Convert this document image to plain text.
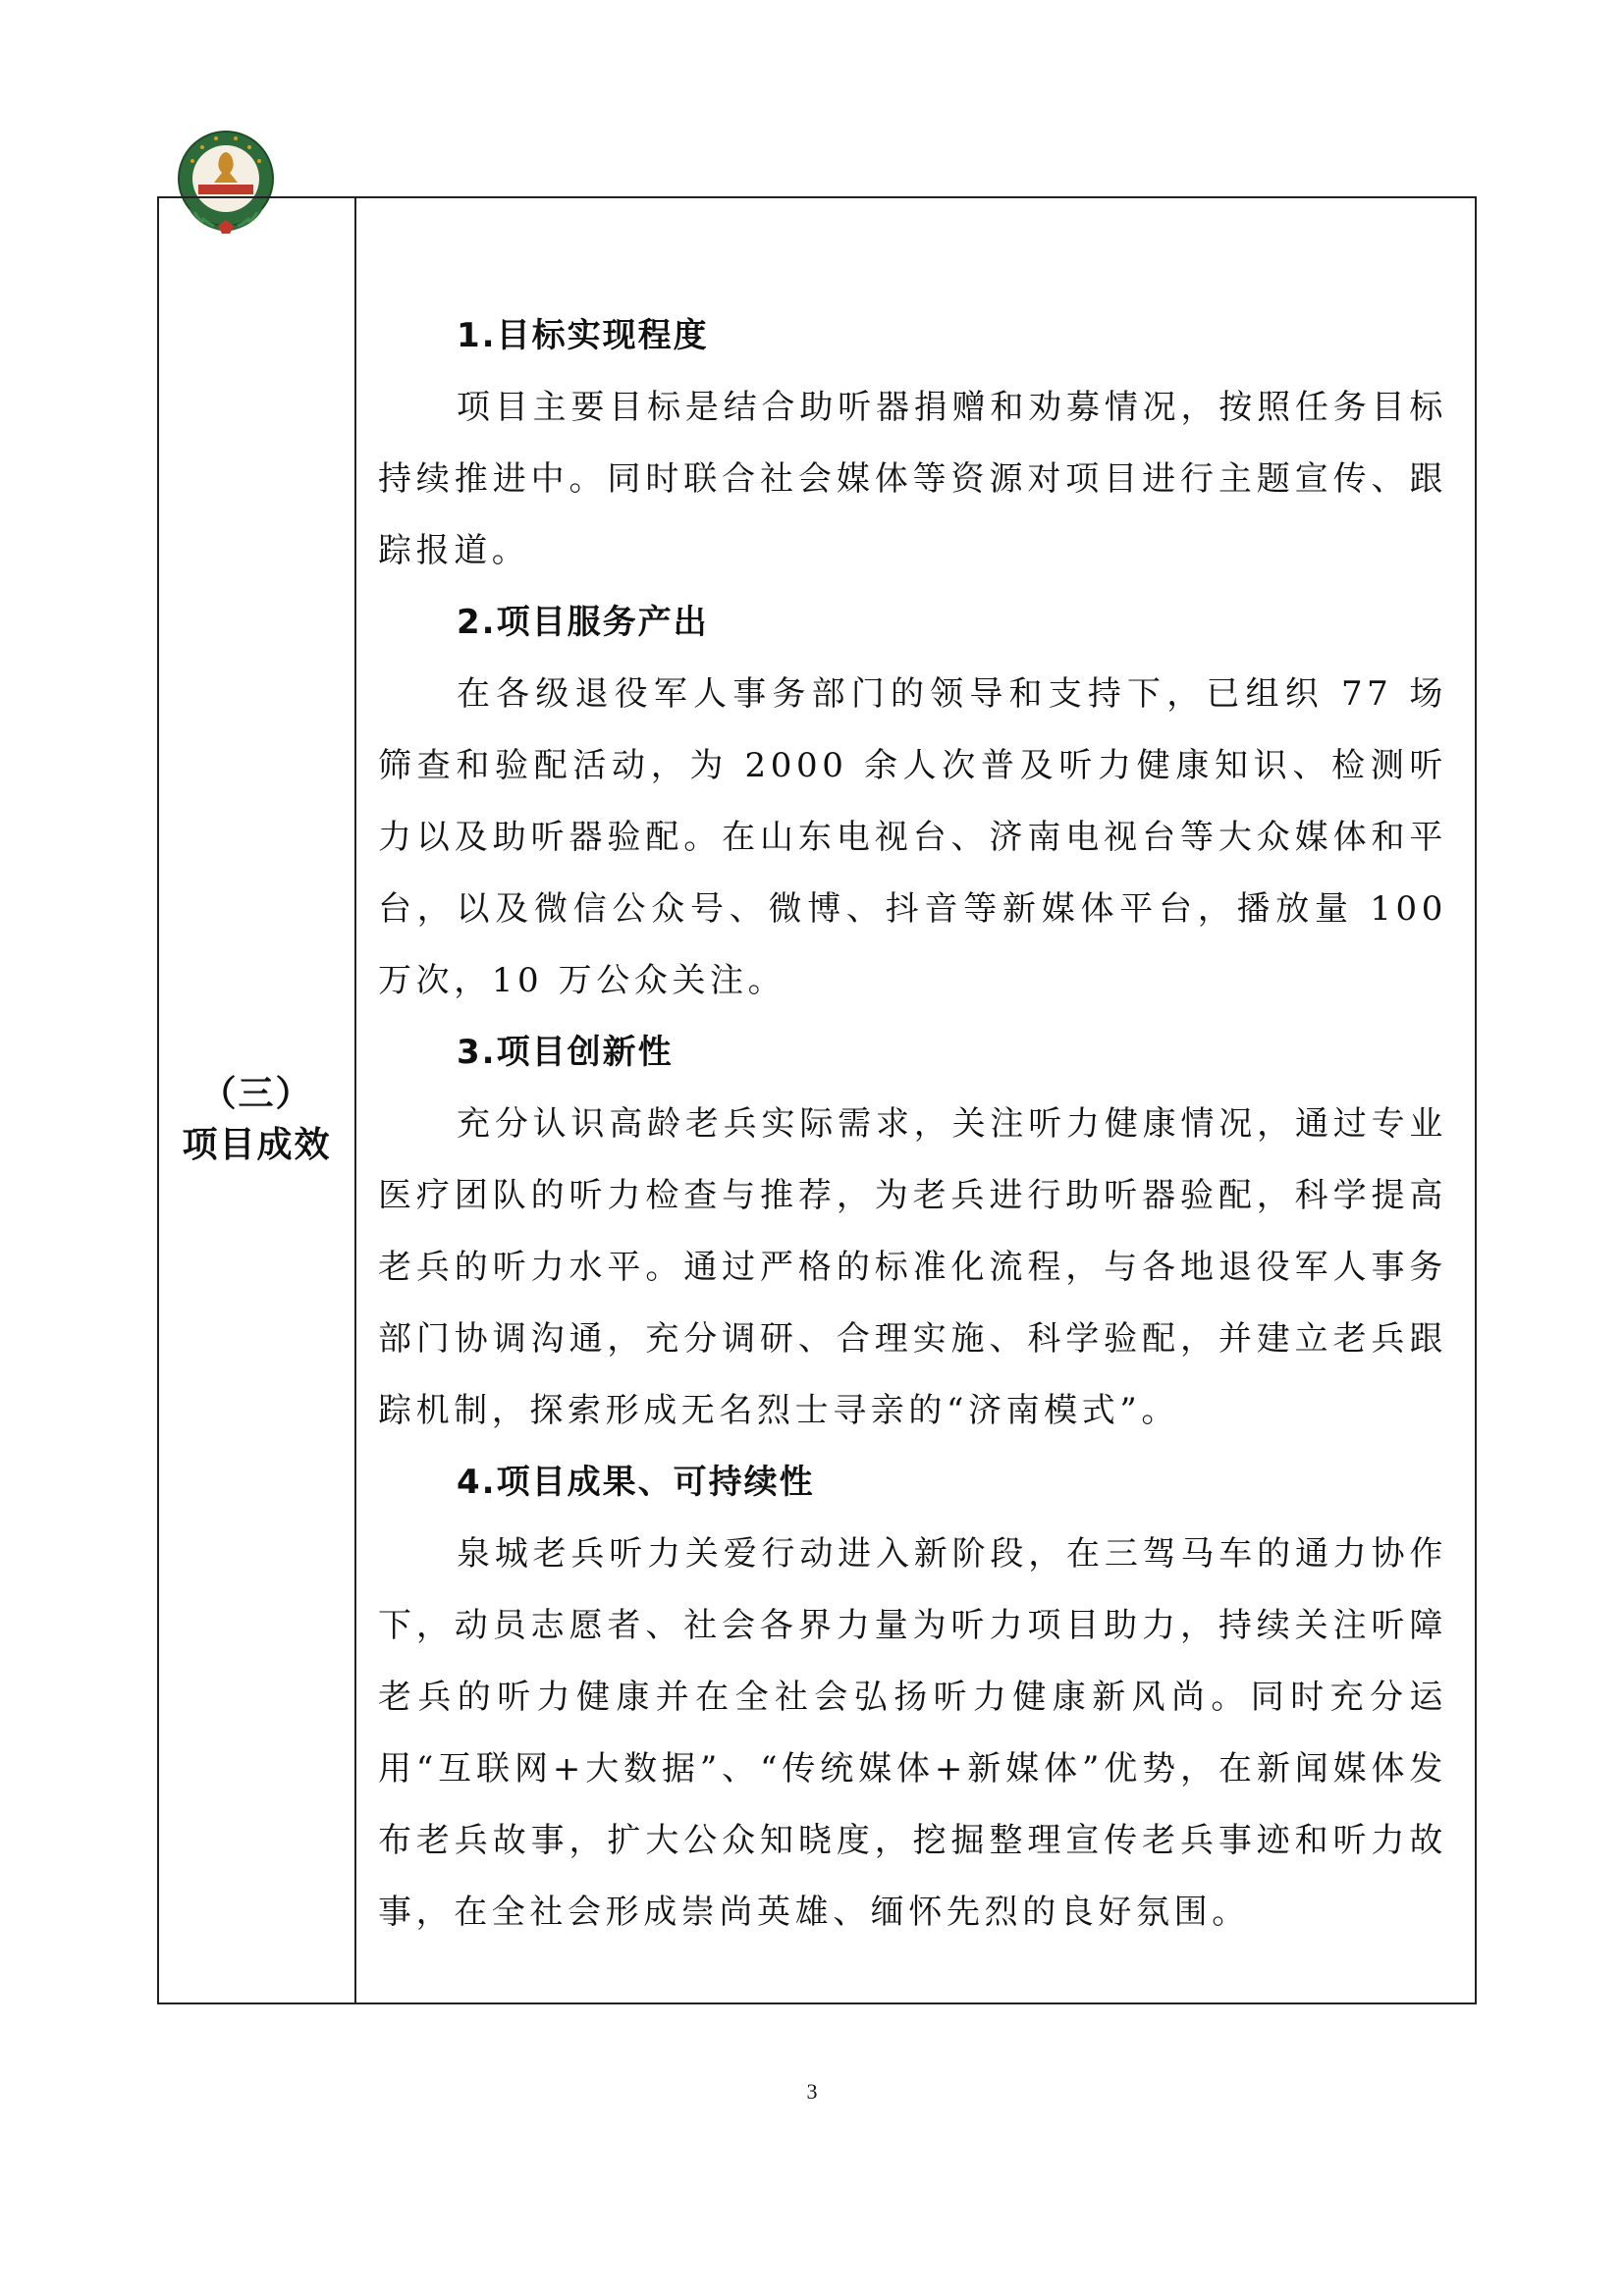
（三）
项目成效
1.目标实现程度

项目主要目标是结合助听器捐赠和劝募情况，按照任务目标持续推进中。同时联合社会媒体等资源对项目进行主题宣传、跟踪报道。

2.项目服务产出

在各级退役军人事务部门的领导和支持下，已组织 77 场筛查和验配活动，为 2000 余人次普及听力健康知识、检测听力以及助听器验配。在山东电视台、济南电视台等大众媒体和平台，以及微信公众号、微博、抖音等新媒体平台，播放量 100 万次，10 万公众关注。

3.项目创新性

充分认识高龄老兵实际需求，关注听力健康情况，通过专业医疗团队的听力检查与推荐，为老兵进行助听器验配，科学提高老兵的听力水平。通过严格的标准化流程，与各地退役军人事务部门协调沟通，充分调研、合理实施、科学验配，并建立老兵跟踪机制，探索形成无名烈士寻亲的“济南模式”。

4.项目成果、可持续性

泉城老兵听力关爱行动进入新阶段，在三驾马车的通力协作下，动员志愿者、社会各界力量为听力项目助力，持续关注听障老兵的听力健康并在全社会弘扬听力健康新风尚。同时充分运用“互联网+大数据”、“传统媒体+新媒体”优势，在新闻媒体发布老兵故事，扩大公众知晓度，挖掘整理宣传老兵事迹和听力故事，在全社会形成崇尚英雄、缅怀先烈的良好氛围。

3
